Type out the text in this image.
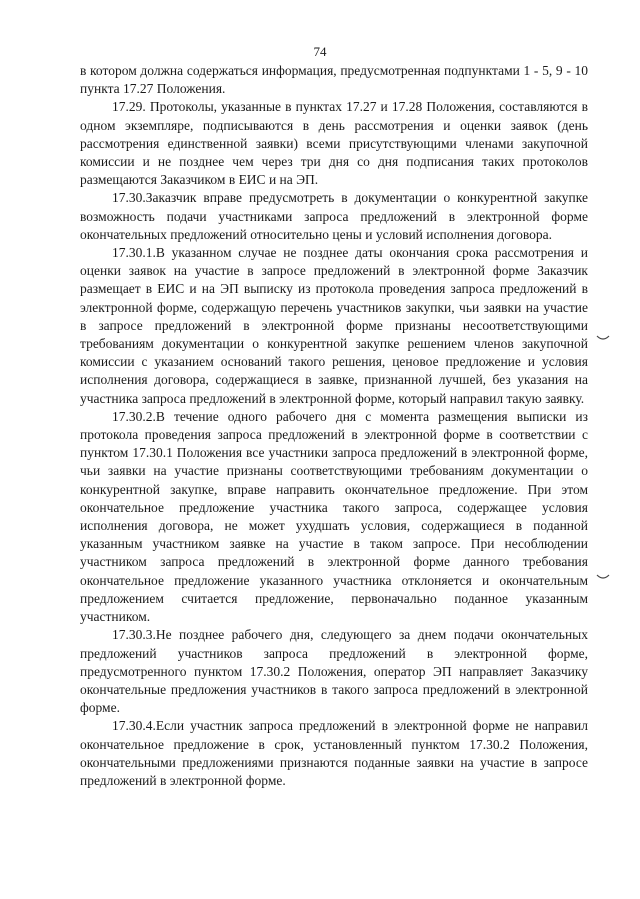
74

в котором должна содержаться информация, предусмотренная подпунктами 1 - 5, 9 - 10 пункта 17.27 Положения.

17.29. Протоколы, указанные в пунктах 17.27 и 17.28 Положения, составляются в одном экземпляре, подписываются в день рассмотрения и оценки заявок (день рассмотрения единственной заявки) всеми присутствующими членами закупочной комиссии и не позднее чем через три дня со дня подписания таких протоколов размещаются Заказчиком в ЕИС и на ЭП.

17.30.Заказчик вправе предусмотреть в документации о конкурентной закупке возможность подачи участниками запроса предложений в электронной форме окончательных предложений относительно цены и условий исполнения договора.

17.30.1.В указанном случае не позднее даты окончания срока рассмотрения и оценки заявок на участие в запросе предложений в электронной форме Заказчик размещает в ЕИС и на ЭП выписку из протокола проведения запроса предложений в электронной форме, содержащую перечень участников закупки, чьи заявки на участие в запросе предложений в электронной форме признаны несоответствующими требованиям документации о конкурентной закупке решением членов закупочной комиссии с указанием оснований такого решения, ценовое предложение и условия исполнения договора, содержащиеся в заявке, признанной лучшей, без указания на участника запроса предложений в электронной форме, который направил такую заявку.

17.30.2.В течение одного рабочего дня с момента размещения выписки из протокола проведения запроса предложений в электронной форме в соответствии с пунктом 17.30.1 Положения все участники запроса предложений в электронной форме, чьи заявки на участие признаны соответствующими требованиям документации о конкурентной закупке, вправе направить окончательное предложение. При этом окончательное предложение участника такого запроса, содержащее условия исполнения договора, не может ухудшать условия, содержащиеся в поданной указанным участником заявке на участие в таком запросе. При несоблюдении участником запроса предложений в электронной форме данного требования окончательное предложение указанного участника отклоняется и окончательным предложением считается предложение, первоначально поданное указанным участником.

17.30.3.Не позднее рабочего дня, следующего за днем подачи окончательных предложений участников запроса предложений в электронной форме, предусмотренного пунктом 17.30.2 Положения, оператор ЭП направляет Заказчику окончательные предложения участников в такого запроса предложений в электронной форме.

17.30.4.Если участник запроса предложений в электронной форме не направил окончательное предложение в срок, установленный пунктом 17.30.2 Положения, окончательными предложениями признаются поданные заявки на участие в запросе предложений в электронной форме.
